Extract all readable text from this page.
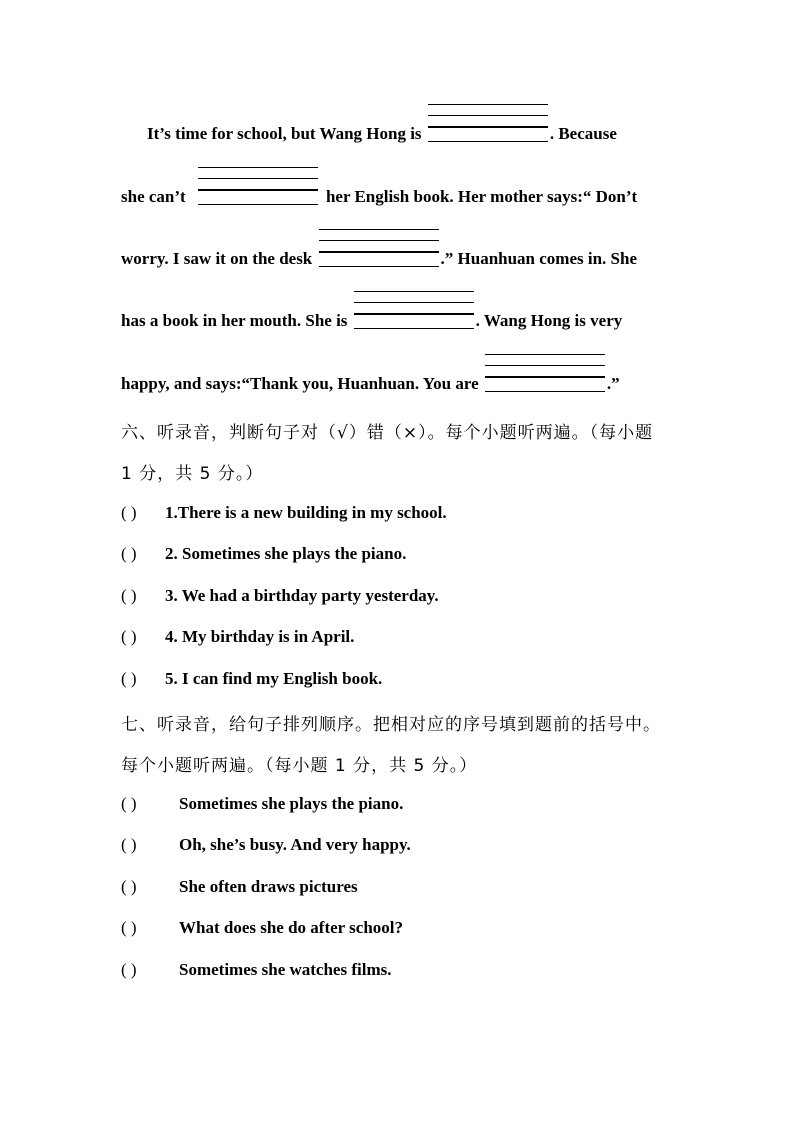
It’s time for school, but Wang Hong is	. Because
she can’t	her English book. Her mother says:“ Don’t
worry. I saw it on the desk	.” Huanhuan comes in. She
has a book in her mouth. She is	. Wang Hong is very
happy, and says:“Thank you, Huanhuan. You are	.”
六、听录音，判断句子对（√）错（×）。每个小题听两遍。（每小题
1 分，共 5 分。）
( ) 1.There is a new building in my school.
( ) 2. Sometimes she plays the piano.
( ) 3. We had a birthday party yesterday.
( ) 4. My birthday is in April.
( ) 5. I can find my English book.
七、听录音，给句子排列顺序。把相对应的序号填到题前的括号中。
每个小题听两遍。（每小题 1 分，共 5 分。）
( ) Sometimes she plays the piano.
( ) Oh, she’s busy. And very happy.
( ) She often draws pictures
( ) What does she do after school?
( ) Sometimes she watches films.
